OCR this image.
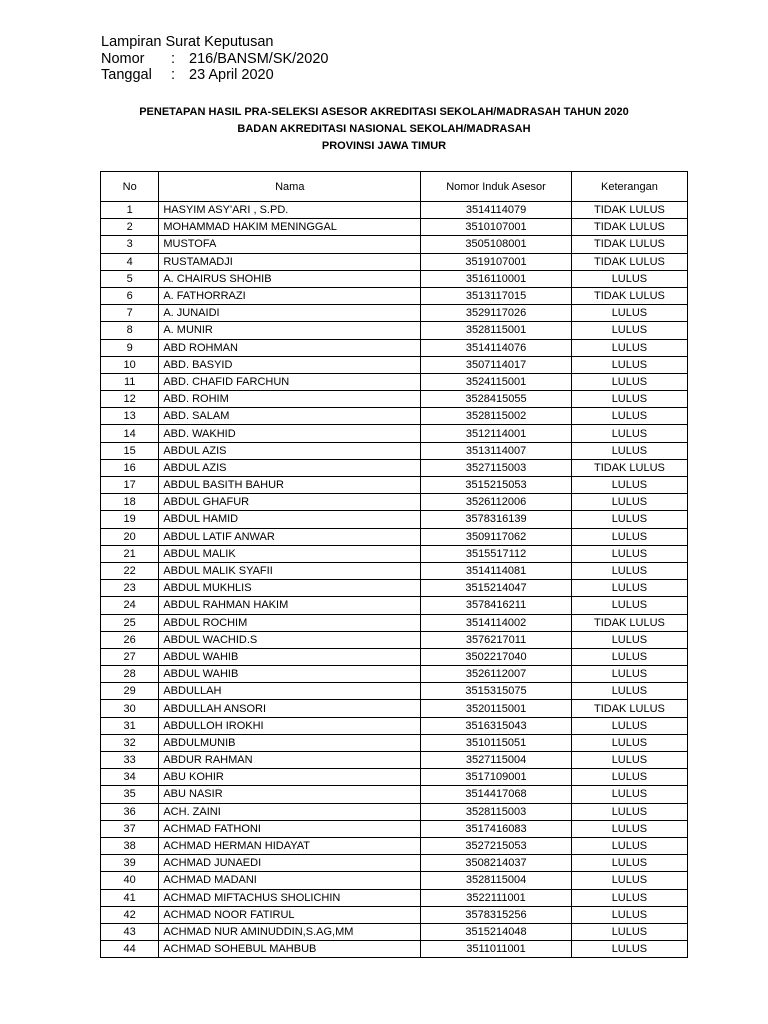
Lampiran Surat Keputusan
Nomor	: 216/BANSM/SK/2020
Tanggal	: 23 April 2020
PENETAPAN HASIL PRA-SELEKSI ASESOR AKREDITASI SEKOLAH/MADRASAH TAHUN 2020
BADAN AKREDITASI NASIONAL SEKOLAH/MADRASAH
PROVINSI JAWA TIMUR
No	Nama	Nomor Induk Asesor	Keterangan
1	HASYIM ASY'ARI , S.PD.	3514114079	TIDAK LULUS
2	MOHAMMAD HAKIM MENINGGAL	3510107001	TIDAK LULUS
3	MUSTOFA	3505108001	TIDAK LULUS
4	RUSTAMADJI	3519107001	TIDAK LULUS
5	A. CHAIRUS SHOHIB	3516110001	LULUS
6	A. FATHORRAZI	3513117015	TIDAK LULUS
7	A. JUNAIDI	3529117026	LULUS
8	A. MUNIR	3528115001	LULUS
9	ABD ROHMAN	3514114076	LULUS
10	ABD. BASYID	3507114017	LULUS
11	ABD. CHAFID FARCHUN	3524115001	LULUS
12	ABD. ROHIM	3528415055	LULUS
13	ABD. SALAM	3528115002	LULUS
14	ABD. WAKHID	3512114001	LULUS
15	ABDUL AZIS	3513114007	LULUS
16	ABDUL AZIS	3527115003	TIDAK LULUS
17	ABDUL BASITH BAHUR	3515215053	LULUS
18	ABDUL GHAFUR	3526112006	LULUS
19	ABDUL HAMID	3578316139	LULUS
20	ABDUL LATIF ANWAR	3509117062	LULUS
21	ABDUL MALIK	3515517112	LULUS
22	ABDUL MALIK SYAFII	3514114081	LULUS
23	ABDUL MUKHLIS	3515214047	LULUS
24	ABDUL RAHMAN HAKIM	3578416211	LULUS
25	ABDUL ROCHIM	3514114002	TIDAK LULUS
26	ABDUL WACHID.S	3576217011	LULUS
27	ABDUL WAHIB	3502217040	LULUS
28	ABDUL WAHIB	3526112007	LULUS
29	ABDULLAH	3515315075	LULUS
30	ABDULLAH ANSORI	3520115001	TIDAK LULUS
31	ABDULLOH IROKHI	3516315043	LULUS
32	ABDULMUNIB	3510115051	LULUS
33	ABDUR RAHMAN	3527115004	LULUS
34	ABU KOHIR	3517109001	LULUS
35	ABU NASIR	3514417068	LULUS
36	ACH. ZAINI	3528115003	LULUS
37	ACHMAD FATHONI	3517416083	LULUS
38	ACHMAD HERMAN HIDAYAT	3527215053	LULUS
39	ACHMAD JUNAEDI	3508214037	LULUS
40	ACHMAD MADANI	3528115004	LULUS
41	ACHMAD MIFTACHUS SHOLICHIN	3522111001	LULUS
42	ACHMAD NOOR FATIRUL	3578315256	LULUS
43	ACHMAD NUR AMINUDDIN,S.AG,MM	3515214048	LULUS
44	ACHMAD SOHEBUL MAHBUB	3511011001	LULUS
